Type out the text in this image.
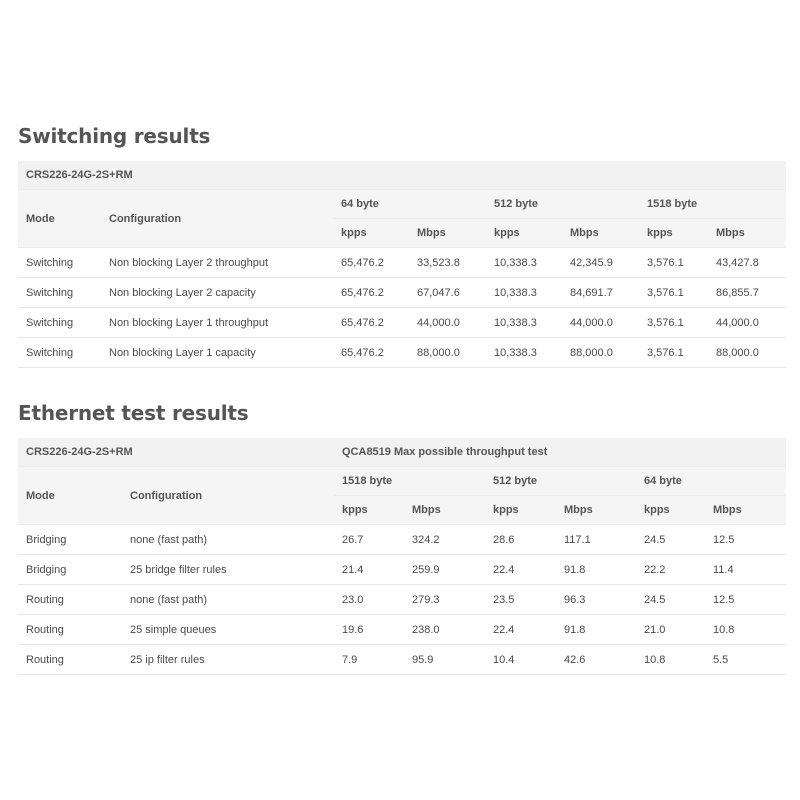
Switching results
CRS226-24G-2S+RM							
Mode	Configuration	64 byte		512 byte		1518 byte	
		kpps	Mbps	kpps	Mbps	kpps	Mbps
Switching	Non blocking Layer 2 throughput	65,476.2	33,523.8	10,338.3	42,345.9	3,576.1	43,427.8
Switching	Non blocking Layer 2 capacity	65,476.2	67,047.6	10,338.3	84,691.7	3,576.1	86,855.7
Switching	Non blocking Layer 1 throughput	65,476.2	44,000.0	10,338.3	44,000.0	3,576.1	44,000.0
Switching	Non blocking Layer 1 capacity	65,476.2	88,000.0	10,338.3	88,000.0	3,576.1	88,000.0
Ethernet test results
CRS226-24G-2S+RM		QCA8519 Max possible throughput test					
Mode	Configuration	1518 byte		512 byte		64 byte	
		kpps	Mbps	kpps	Mbps	kpps	Mbps
Bridging	none (fast path)	26.7	324.2	28.6	117.1	24.5	12.5
Bridging	25 bridge filter rules	21.4	259.9	22.4	91.8	22.2	11.4
Routing	none (fast path)	23.0	279.3	23.5	96.3	24.5	12.5
Routing	25 simple queues	19.6	238.0	22.4	91.8	21.0	10.8
Routing	25 ip filter rules	7.9	95.9	10.4	42.6	10.8	5.5
